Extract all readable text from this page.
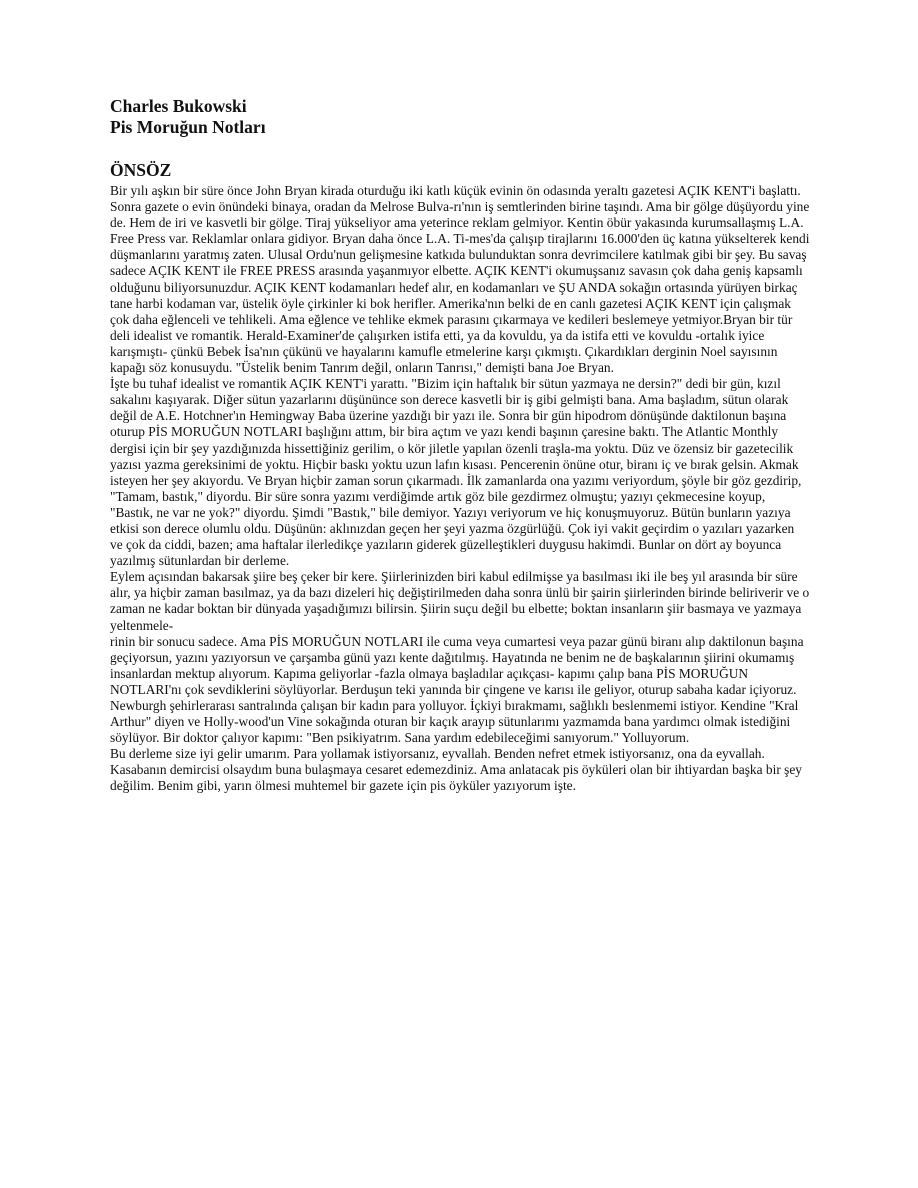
Charles Bukowski
Pis Moruğun Notları
ÖNSÖZ

Bir yılı aşkın bir süre önce John Bryan kirada oturduğu iki katlı küçük evinin ön odasında yeraltı gazetesi AÇIK KENT'i başlattı. Sonra gazete o evin önündeki binaya, oradan da Melrose Bulva-rı'nın iş semtlerinden birine taşındı. Ama bir gölge düşüyordu yine de. Hem de iri ve kasvetli bir gölge. Tiraj yükseliyor ama yeterince reklam gelmiyor. Kentin öbür yakasında kurumsallaşmış L.A. Free Press var. Reklamlar onlara gidiyor. Bryan daha önce L.A. Ti-mes'da çalışıp tirajlarını 16.000'den üç katına yükselterek kendi düşmanlarını yaratmış zaten. Ulusal Ordu'nun gelişmesine katkıda bulunduktan sonra devrimcilere katılmak gibi bir şey. Bu savaş sadece AÇIK KENT ile FREE PRESS arasında yaşanmıyor elbette. AÇIK KENT'i okumuşsanız savasın çok daha geniş kapsamlı olduğunu biliyorsunuzdur. AÇIK KENT kodamanları hedef alır, en kodamanları ve ŞU ANDA sokağın ortasında yürüyen birkaç tane harbi kodaman var, üstelik öyle çirkinler ki bok herifler. Amerika'nın belki de en canlı gazetesi AÇIK KENT için çalışmak çok daha eğlenceli ve tehlikeli. Ama eğlence ve tehlike ekmek parasını çıkarmaya ve kedileri beslemeye yetmiyor.Bryan bir tür deli idealist ve romantik. Herald-Examiner'de çalışırken istifa etti, ya da kovuldu, ya da istifa etti ve kovuldu -ortalık iyice karışmıştı- çünkü Bebek İsa'nın çükünü ve hayalarını kamufle etmelerine karşı çıkmıştı. Çıkardıkları derginin Noel sayısının kapağı söz konusuydu. "Üstelik benim Tanrım değil, onların Tanrısı," demişti bana Joe Bryan.

İşte bu tuhaf idealist ve romantik AÇIK KENT'i yarattı. "Bizim için haftalık bir sütun yazmaya ne dersin?" dedi bir gün, kızıl sakalını kaşıyarak. Diğer sütun yazarlarını düşününce son derece kasvetli bir iş gibi gelmişti bana. Ama başladım, sütun olarak değil de A.E. Hotchner'ın Hemingway Baba üzerine yazdığı bir yazı ile. Sonra bir gün hipodrom dönüşünde daktilonun başına oturup PİS MORUĞUN NOTLARI başlığını attım, bir bira açtım ve yazı kendi başının çaresine baktı. The Atlantic Monthly dergisi için bir şey yazdığınızda hissettiğiniz gerilim, o kör jiletle yapılan özenli traşla-ma yoktu. Düz ve özensiz bir gazetecilik yazısı yazma gereksinimi de yoktu. Hiçbir baskı yoktu uzun lafın kısası. Pencerenin önüne otur, biranı iç ve bırak gelsin. Akmak isteyen her şey akıyordu. Ve Bryan hiçbir zaman sorun çıkarmadı. İlk zamanlarda ona yazımı veriyordum, şöyle bir göz gezdirip, "Tamam, bastık," diyordu. Bir süre sonra yazımı verdiğimde artık göz bile gezdirmez olmuştu; yazıyı çekmecesine koyup, "Bastık, ne var ne yok?" diyordu. Şimdi "Bastık," bile demiyor. Yazıyı veriyorum ve hiç konuşmuyoruz. Bütün bunların yazıya etkisi son derece olumlu oldu. Düşünün: aklınızdan geçen her şeyi yazma özgürlüğü. Çok iyi vakit geçirdim o yazıları yazarken ve çok da ciddi, bazen; ama haftalar ilerledikçe yazıların giderek güzelleştikleri duygusu hakimdi. Bunlar on dört ay boyunca yazılmış sütunlardan bir derleme.

Eylem açısından bakarsak şiire beş çeker bir kere. Şiirlerinizden biri kabul edilmişse ya basılması iki ile beş yıl arasında bir süre alır, ya hiçbir zaman basılmaz, ya da bazı dizeleri hiç değiştirilmeden daha sonra ünlü bir şairin şiirlerinden birinde beliriverir ve o zaman ne kadar boktan bir dünyada yaşadığımızı bilirsin. Şiirin suçu değil bu elbette; boktan insanların şiir basmaya ve yazmaya yeltenmele-

rinin bir sonucu sadece. Ama PİS MORUĞUN NOTLARI ile cuma veya cumartesi veya pazar günü biranı alıp daktilonun başına geçiyorsun, yazını yazıyorsun ve çarşamba günü yazı kente dağıtılmış. Hayatında ne benim ne de başkalarının şiirini okumamış insanlardan mektup alıyorum. Kapıma geliyorlar -fazla olmaya başladılar açıkçası- kapımı çalıp bana PİS MORUĞUN NOTLARI'nı çok sevdiklerini söylüyorlar. Berduşun teki yanında bir çingene ve karısı ile geliyor, oturup sabaha kadar içiyoruz. Newburgh şehirlerarası santralında çalışan bir kadın para yolluyor. İçkiyi bırakmamı, sağlıklı beslenmemi istiyor. Kendine "Kral Arthur" diyen ve Holly-wood'un Vine sokağında oturan bir kaçık arayıp sütunlarımı yazmamda bana yardımcı olmak istediğini söylüyor. Bir doktor çalıyor kapımı: "Ben psikiyatrım. Sana yardım edebileceğimi sanıyorum." Yolluyorum.

Bu derleme size iyi gelir umarım. Para yollamak istiyorsanız, eyvallah. Benden nefret etmek istiyorsanız, ona da eyvallah. Kasabanın demircisi olsaydım buna bulaşmaya cesaret edemezdiniz. Ama anlatacak pis öyküleri olan bir ihtiyardan başka bir şey değilim. Benim gibi, yarın ölmesi muhtemel bir gazete için pis öyküler yazıyorum işte.
